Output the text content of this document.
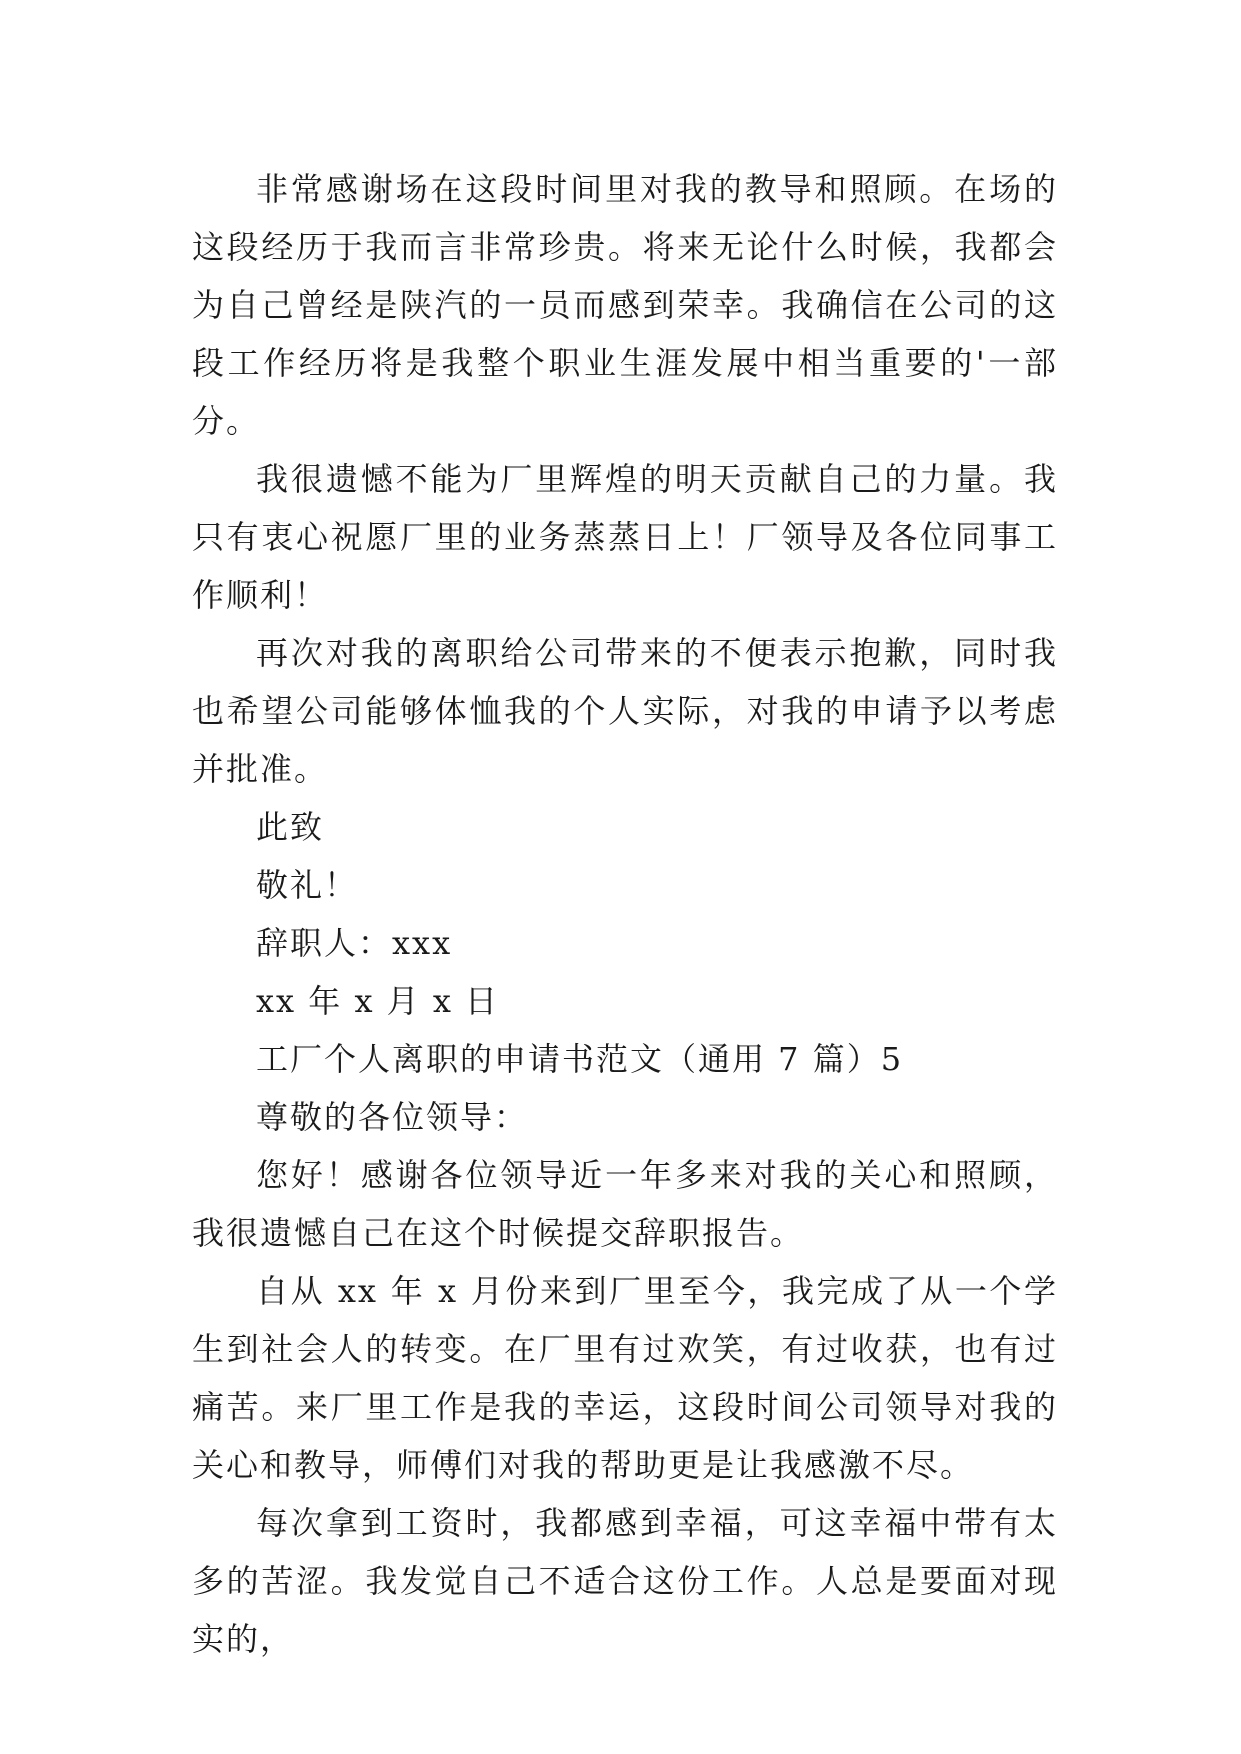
非常感谢场在这段时间里对我的教导和照顾。在场的这段经历于我而言非常珍贵。将来无论什么时候，我都会为自己曾经是陕汽的一员而感到荣幸。我确信在公司的这段工作经历将是我整个职业生涯发展中相当重要的'一部分。

我很遗憾不能为厂里辉煌的明天贡献自己的力量。我只有衷心祝愿厂里的业务蒸蒸日上！厂领导及各位同事工作顺利！

再次对我的离职给公司带来的不便表示抱歉，同时我也希望公司能够体恤我的个人实际，对我的申请予以考虑并批准。

此致

敬礼！

辞职人：xxx

xx 年 x 月 x 日

工厂个人离职的申请书范文（通用 7 篇）5

尊敬的各位领导：

您好！感谢各位领导近一年多来对我的关心和照顾，我很遗憾自己在这个时候提交辞职报告。

自从 xx 年 x 月份来到厂里至今，我完成了从一个学生到社会人的转变。在厂里有过欢笑，有过收获，也有过痛苦。来厂里工作是我的幸运，这段时间公司领导对我的关心和教导，师傅们对我的帮助更是让我感激不尽。

每次拿到工资时，我都感到幸福，可这幸福中带有太多的苦涩。我发觉自己不适合这份工作。人总是要面对现实的，
